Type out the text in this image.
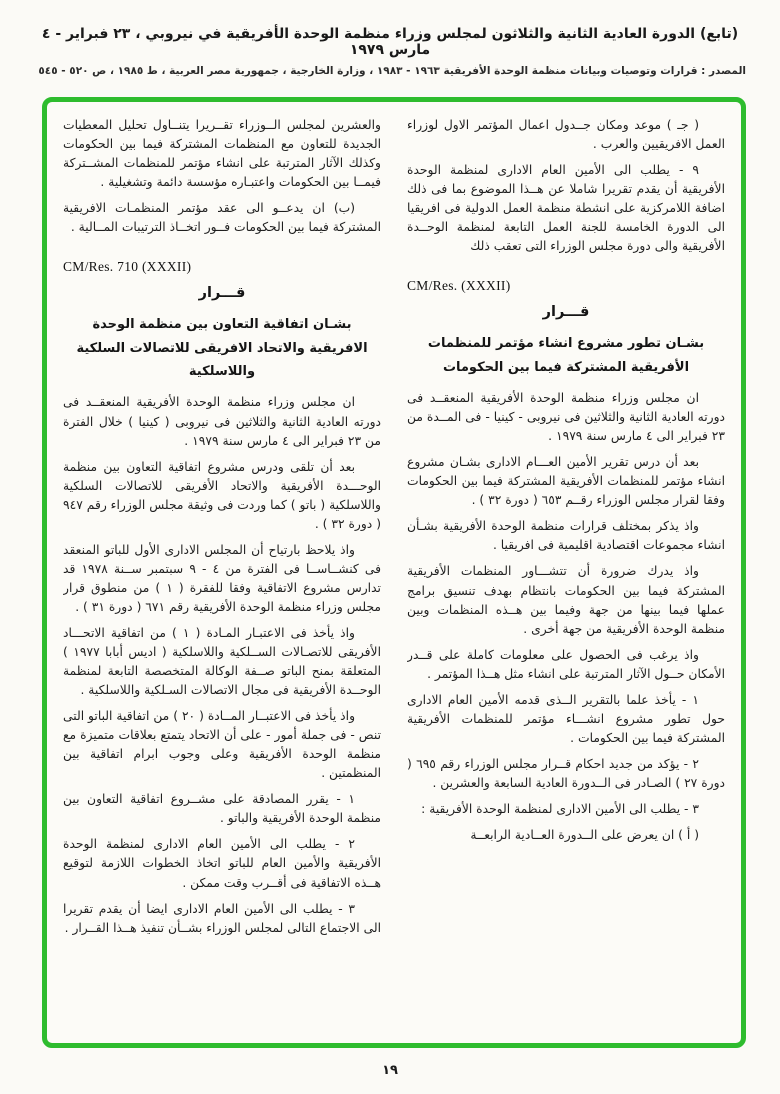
(تابع) الدورة العادية الثانية والثلاثون لمجلس وزراء منظمة الوحدة الأفريقية في نيروبي ، ٢٣ فبراير - ٤ مارس ١٩٧٩
المصدر : قرارات وتوصيات وبيانات منظمة الوحدة الأفريقية ١٩٦٣ - ١٩٨٣ ، وزارة الخارجية ، جمهورية مصر العربية ، ط ١٩٨٥ ، ص ٥٢٠ - ٥٤٥

( جـ ) موعد ومكان جــدول اعمال المؤتمر الاول لوزراء العمل الافريقيين والعرب .

٩ - يطلب الى الأمين العام الادارى لمنظمة الوحدة الأفريقية أن يقدم تقريرا شاملا عن هــذا الموضوع بما فى ذلك اضافة اللامركزية على انشطة منظمة العمل الدولية فى افريقيا الى الدورة الخامسة للجنة العمل التابعة لمنظمة الوحــدة الأفريقية والى دورة مجلس الوزراء التى تعقب ذلك

CM/Res. (XXXII)

قـــرار

بشـان تطور مشروع انشاء مؤتمر للمنظمات الأفريقية المشتركة فيما بين الحكومات

ان مجلس وزراء منظمة الوحدة الأفريقية المنعقــد فى دورته العادية الثانية والثلاثين فى نيروبى - كينيا - فى المــدة من ٢٣ فبراير الى ٤ مارس سنة ١٩٧٩ .

بعد أن درس تقرير الأمين العـــام الادارى بشـان مشروع انشاء مؤتمر للمنظمات الأفريقية المشتركة فيما بين الحكومات وفقا لقرار مجلس الوزراء رقــم ٦٥٣ ( دورة ٣٢ ) .

واذ يذكر بمختلف قرارات منظمة الوحدة الأفريقية بشـأن انشاء مجموعات اقتصادية اقليمية فى افريقيا .

واذ يدرك ضرورة أن تتشـــاور المنظمات الأفريقية المشتركة فيما بين الحكومات بانتظام بهدف تنسيق برامج عملها فيما بينها من جهة وفيما بين هــذه المنظمات وبين منظمة الوحدة الأفريقية من جهة أخرى .

واذ يرغب فى الحصول على معلومات كاملة على قــدر الأمكان حــول الآثار المترتبة على انشاء مثل هــذا المؤتمر .

١ - يأخذ علما بالتقرير الــذى قدمه الأمين العام الادارى حول تطور مشروع انشـــاء مؤتمر للمنظمات الأفريقية المشتركة فيما بين الحكومات .

٢ - يؤكد من جديد احكام قــرار مجلس الوزراء رقم ٦٩٥ ( دورة ٢٧ ) الصـادر فى الــدورة العادية السابعة والعشرين .

٣ - يطلب الى الأمين الادارى لمنظمة الوحدة الأفريقية :

( أ ) ان يعرض على الــدورة العــادية الرابعــة

والعشرين لمجلس الــوزراء تقــريرا يتنــاول تحليل المعطيات الجديدة للتعاون مع المنظمات المشتركة فيما بين الحكومات وكذلك الآثار المترتبة على انشاء مؤتمر للمنظمات المشــتركة فيمــا بين الحكومات واعتبـاره مؤسسة دائمة وتشغيلية .

(ب) ان يدعــو الى عقد مؤتمر المنظمـات الافريقية المشتركة فيما بين الحكومات فــور اتخــاذ الترتيبات المــالية .

CM/Res. 710 (XXXII)

قـــرار

بشـان اتفاقية التعاون بين منظمة الوحدة الافريقية والاتحاد الافريقى للاتصالات السلكية واللاسلكية

ان مجلس وزراء منظمة الوحدة الأفريقية المنعقــد فى دورته العادية الثانية والثلاثين فى نيروبى ( كينيا ) خلال الفترة من ٢٣ فبراير الى ٤ مارس سنة ١٩٧٩ .

بعد أن تلقى ودرس مشروع اتفاقية التعاون بين منظمة الوحـــدة الأفريقية والاتحاد الأفريقى للاتصالات السلكية واللاسلكية ( باتو ) كما وردت فى وثيقة مجلس الوزراء رقم ٩٤٧ ( دورة ٣٢ ) .

واذ يلاحظ بارتياح أن المجلس الادارى الأول للباتو المنعقد فى كنشــاســا فى الفترة من ٤ - ٩ سبتمبر ســنة ١٩٧٨ قد تدارس مشروع الاتفاقية وفقا للفقرة ( ١ ) من منطوق قرار مجلس وزراء منظمة الوحدة الأفريقية رقم ٦٧١ ( دورة ٣١ ) .

واذ يأخذ فى الاعتبـار المـادة ( ١ ) من اتفاقية الاتحـــاد الأفريقى للاتصـالات الســلكية واللاسلكية ( اديس أبابا ١٩٧٧ ) المتعلقة بمنح الباتو صــفة الوكالة المتخصصة التابعة لمنظمة الوحــدة الأفريقية فى مجال الاتصالات السـلكية واللاسلكية .

واذ يأخذ فى الاعتبــار المــادة ( ٢٠ ) من اتفاقية الباتو التى تنص - فى جملة أمور - على أن الاتحاد يتمتع بعلاقات متميزة مع منظمة الوحدة الأفريقية وعلى وجوب ابرام اتفاقية بين المنظمتين .

١ - يقرر المصادقة على مشــروع اتفاقية التعاون بين منظمة الوحدة الأفريقية والباتو .

٢ - يطلب الى الأمين العام الادارى لمنظمة الوحدة الأفريقية والأمين العام للباتو اتخاذ الخطوات اللازمة لتوقيع هــذه الاتفاقية فى أقــرب وقت ممكن .

٣ - يطلب الى الأمين العام الادارى ايضا أن يقدم تقريرا الى الاجتماع التالى لمجلس الوزراء بشــأن تنفيذ هــذا القــرار .

١٩
